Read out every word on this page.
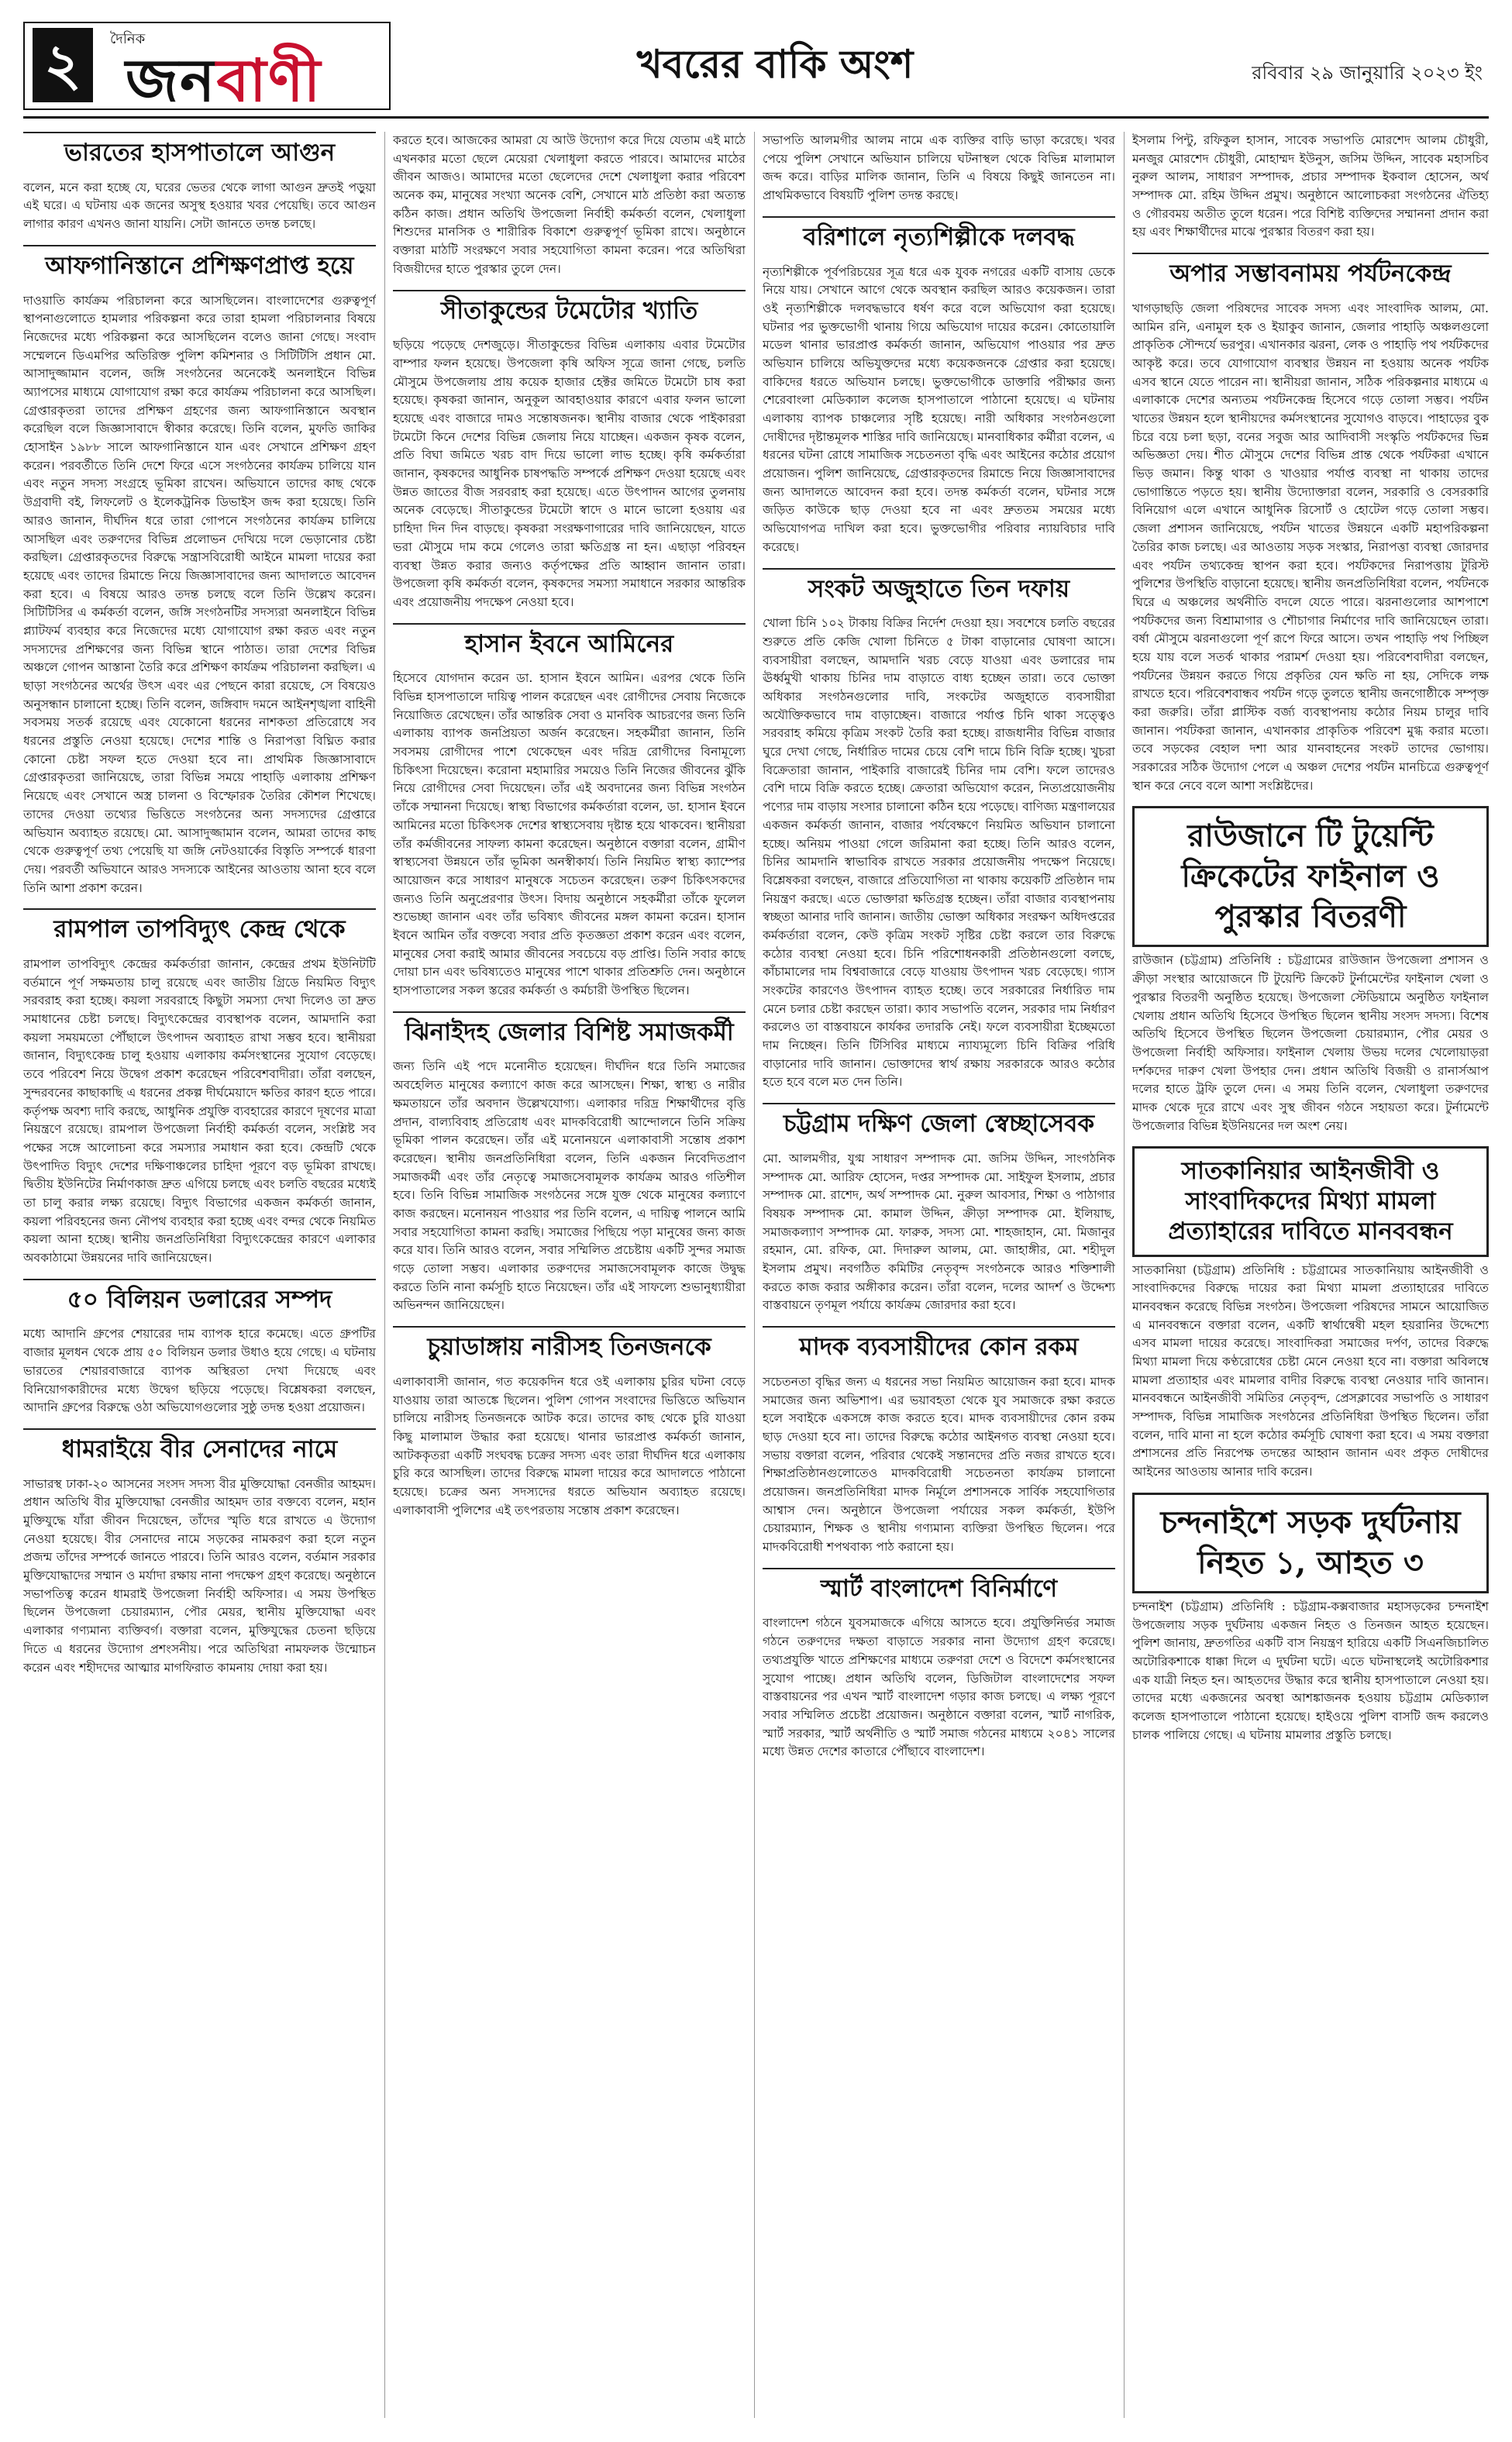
২	দৈনিক
জনবাণী	খবরের বাকি অংশ	রবিবার ২৯ জানুয়ারি ২০২৩ ইং
ভারতের হাসপাতালে আগুন

বলেন, মনে করা হচ্ছে যে, ঘরের ভেতর থেকে লাগা আগুন দ্রুতই পড়ুয়া এই ঘরে। এ ঘটনায় এক জনের অসুস্থ হওয়ার খবর পেয়েছি। তবে আগুন লাগার কারণ এখনও জানা যায়নি। সেটা জানতে তদন্ত চলছে।

আফগানিস্তানে প্রশিক্ষণপ্রাপ্ত হয়ে

দাওয়াতি কার্যক্রম পরিচালনা করে আসছিলেন। বাংলাদেশের গুরুত্বপূর্ণ স্থাপনাগুলোতে হামলার পরিকল্পনা করে তারা হামলা পরিচালনার বিষয়ে নিজেদের মধ্যে পরিকল্পনা করে আসছিলেন বলেও জানা গেছে। সংবাদ সম্মেলনে ডিএমপির অতিরিক্ত পুলিশ কমিশনার ও সিটিটিসি প্রধান মো. আসাদুজ্জামান বলেন, জঙ্গি সংগঠনের অনেকেই অনলাইনে বিভিন্ন অ্যাপসের মাধ্যমে যোগাযোগ রক্ষা করে কার্যক্রম পরিচালনা করে আসছিল। গ্রেপ্তারকৃতরা তাদের প্রশিক্ষণ গ্রহণের জন্য আফগানিস্তানে অবস্থান করেছিল বলে জিজ্ঞাসাবাদে স্বীকার করেছে। তিনি বলেন, মুফতি জাকির হোসাইন ১৯৮৮ সালে আফগানিস্তানে যান এবং সেখানে প্রশিক্ষণ গ্রহণ করেন। পরবর্তীতে তিনি দেশে ফিরে এসে সংগঠনের কার্যক্রম চালিয়ে যান এবং নতুন সদস্য সংগ্রহে ভূমিকা রাখেন। অভিযানে তাদের কাছ থেকে উগ্রবাদী বই, লিফলেট ও ইলেকট্রনিক ডিভাইস জব্দ করা হয়েছে। তিনি আরও জানান, দীর্ঘদিন ধরে তারা গোপনে সংগঠনের কার্যক্রম চালিয়ে আসছিল এবং তরুণদের বিভিন্ন প্রলোভন দেখিয়ে দলে ভেড়ানোর চেষ্টা করছিল। গ্রেপ্তারকৃতদের বিরুদ্ধে সন্ত্রাসবিরোধী আইনে মামলা দায়ের করা হয়েছে এবং তাদের রিমান্ডে নিয়ে জিজ্ঞাসাবাদের জন্য আদালতে আবেদন করা হবে। এ বিষয়ে আরও তদন্ত চলছে বলে তিনি উল্লেখ করেন। সিটিটিসির এ কর্মকর্তা বলেন, জঙ্গি সংগঠনটির সদস্যরা অনলাইনে বিভিন্ন প্ল্যাটফর্ম ব্যবহার করে নিজেদের মধ্যে যোগাযোগ রক্ষা করত এবং নতুন সদস্যদের প্রশিক্ষণের জন্য বিভিন্ন স্থানে পাঠাত। তারা দেশের বিভিন্ন অঞ্চলে গোপন আস্তানা তৈরি করে প্রশিক্ষণ কার্যক্রম পরিচালনা করছিল। এ ছাড়া সংগঠনের অর্থের উৎস এবং এর পেছনে কারা রয়েছে, সে বিষয়েও অনুসন্ধান চালানো হচ্ছে। তিনি বলেন, জঙ্গিবাদ দমনে আইনশৃঙ্খলা বাহিনী সবসময় সতর্ক রয়েছে এবং যেকোনো ধরনের নাশকতা প্রতিরোধে সব ধরনের প্রস্তুতি নেওয়া হয়েছে। দেশের শান্তি ও নিরাপত্তা বিঘ্নিত করার কোনো চেষ্টা সফল হতে দেওয়া হবে না। প্রাথমিক জিজ্ঞাসাবাদে গ্রেপ্তারকৃতরা জানিয়েছে, তারা বিভিন্ন সময়ে পাহাড়ি এলাকায় প্রশিক্ষণ নিয়েছে এবং সেখানে অস্ত্র চালনা ও বিস্ফোরক তৈরির কৌশল শিখেছে। তাদের দেওয়া তথ্যের ভিত্তিতে সংগঠনের অন্য সদস্যদের গ্রেপ্তারে অভিযান অব্যাহত রয়েছে। মো. আসাদুজ্জামান বলেন, আমরা তাদের কাছ থেকে গুরুত্বপূর্ণ তথ্য পেয়েছি যা জঙ্গি নেটওয়ার্কের বিস্তৃতি সম্পর্কে ধারণা দেয়। পরবর্তী অভিযানে আরও সদস্যকে আইনের আওতায় আনা হবে বলে তিনি আশা প্রকাশ করেন।

রামপাল তাপবিদ্যুৎ কেন্দ্র থেকে

রামপাল তাপবিদ্যুৎ কেন্দ্রের কর্মকর্তারা জানান, কেন্দ্রের প্রথম ইউনিটটি বর্তমানে পূর্ণ সক্ষমতায় চালু রয়েছে এবং জাতীয় গ্রিডে নিয়মিত বিদ্যুৎ সরবরাহ করা হচ্ছে। কয়লা সরবরাহে কিছুটা সমস্যা দেখা দিলেও তা দ্রুত সমাধানের চেষ্টা চলছে। বিদ্যুৎকেন্দ্রের ব্যবস্থাপক বলেন, আমদানি করা কয়লা সময়মতো পৌঁছালে উৎপাদন অব্যাহত রাখা সম্ভব হবে। স্থানীয়রা জানান, বিদ্যুৎকেন্দ্র চালু হওয়ায় এলাকায় কর্মসংস্থানের সুযোগ বেড়েছে। তবে পরিবেশ নিয়ে উদ্বেগ প্রকাশ করেছেন পরিবেশবাদীরা। তাঁরা বলছেন, সুন্দরবনের কাছাকাছি এ ধরনের প্রকল্প দীর্ঘমেয়াদে ক্ষতির কারণ হতে পারে। কর্তৃপক্ষ অবশ্য দাবি করছে, আধুনিক প্রযুক্তি ব্যবহারের কারণে দূষণের মাত্রা নিয়ন্ত্রণে রয়েছে। রামপাল উপজেলা নির্বাহী কর্মকর্তা বলেন, সংশ্লিষ্ট সব পক্ষের সঙ্গে আলোচনা করে সমস্যার সমাধান করা হবে। কেন্দ্রটি থেকে উৎপাদিত বিদ্যুৎ দেশের দক্ষিণাঞ্চলের চাহিদা পূরণে বড় ভূমিকা রাখছে। দ্বিতীয় ইউনিটের নির্মাণকাজ দ্রুত এগিয়ে চলছে এবং চলতি বছরের মধ্যেই তা চালু করার লক্ষ্য রয়েছে। বিদ্যুৎ বিভাগের একজন কর্মকর্তা জানান, কয়লা পরিবহনের জন্য নৌপথ ব্যবহার করা হচ্ছে এবং বন্দর থেকে নিয়মিত কয়লা আনা হচ্ছে। স্থানীয় জনপ্রতিনিধিরা বিদ্যুৎকেন্দ্রের কারণে এলাকার অবকাঠামো উন্নয়নের দাবি জানিয়েছেন।

৫০ বিলিয়ন ডলারের সম্পদ

মধ্যে আদানি গ্রুপের শেয়ারের দাম ব্যাপক হারে কমেছে। এতে গ্রুপটির বাজার মূলধন থেকে প্রায় ৫০ বিলিয়ন ডলার উধাও হয়ে গেছে। এ ঘটনায় ভারতের শেয়ারবাজারে ব্যাপক অস্থিরতা দেখা দিয়েছে এবং বিনিয়োগকারীদের মধ্যে উদ্বেগ ছড়িয়ে পড়েছে। বিশ্লেষকরা বলছেন, আদানি গ্রুপের বিরুদ্ধে ওঠা অভিযোগগুলোর সুষ্ঠু তদন্ত হওয়া প্রয়োজন।

ধামরাইয়ে বীর সেনাদের নামে

সাভারস্থ ঢাকা-২০ আসনের সংসদ সদস্য বীর মুক্তিযোদ্ধা বেনজীর আহমদ। প্রধান অতিথি বীর মুক্তিযোদ্ধা বেনজীর আহমদ তার বক্তব্যে বলেন, মহান মুক্তিযুদ্ধে যাঁরা জীবন দিয়েছেন, তাঁদের স্মৃতি ধরে রাখতে এ উদ্যোগ নেওয়া হয়েছে। বীর সেনাদের নামে সড়কের নামকরণ করা হলে নতুন প্রজন্ম তাঁদের সম্পর্কে জানতে পারবে। তিনি আরও বলেন, বর্তমান সরকার মুক্তিযোদ্ধাদের সম্মান ও মর্যাদা রক্ষায় নানা পদক্ষেপ গ্রহণ করেছে। অনুষ্ঠানে সভাপতিত্ব করেন ধামরাই উপজেলা নির্বাহী অফিসার। এ সময় উপস্থিত ছিলেন উপজেলা চেয়ারম্যান, পৌর মেয়র, স্থানীয় মুক্তিযোদ্ধা এবং এলাকার গণ্যমান্য ব্যক্তিবর্গ। বক্তারা বলেন, মুক্তিযুদ্ধের চেতনা ছড়িয়ে দিতে এ ধরনের উদ্যোগ প্রশংসনীয়। পরে অতিথিরা নামফলক উন্মোচন করেন এবং শহীদদের আত্মার মাগফিরাত কামনায় দোয়া করা হয়।

করতে হবে। আজকের আমরা যে আউ উদ্যোগ করে দিয়ে যেতাম এই মাঠে এখনকার মতো ছেলে মেয়েরা খেলাধুলা করতে পারবে। আমাদের মাঠের জীবন আজও। আমাদের মতো ছেলেদের দেশে খেলাধুলা করার পরিবেশ অনেক কম, মানুষের সংখ্যা অনেক বেশি, সেখানে মাঠ প্রতিষ্ঠা করা অত্যন্ত কঠিন কাজ। প্রধান অতিথি উপজেলা নির্বাহী কর্মকর্তা বলেন, খেলাধুলা শিশুদের মানসিক ও শারীরিক বিকাশে গুরুত্বপূর্ণ ভূমিকা রাখে। অনুষ্ঠানে বক্তারা মাঠটি সংরক্ষণে সবার সহযোগিতা কামনা করেন। পরে অতিথিরা বিজয়ীদের হাতে পুরস্কার তুলে দেন।

সীতাকুন্ডের টমেটোর খ্যাতি

ছড়িয়ে পড়েছে দেশজুড়ে। সীতাকুন্ডের বিভিন্ন এলাকায় এবার টমেটোর বাম্পার ফলন হয়েছে। উপজেলা কৃষি অফিস সূত্রে জানা গেছে, চলতি মৌসুমে উপজেলায় প্রায় কয়েক হাজার হেক্টর জমিতে টমেটো চাষ করা হয়েছে। কৃষকরা জানান, অনুকূল আবহাওয়ার কারণে এবার ফলন ভালো হয়েছে এবং বাজারে দামও সন্তোষজনক। স্থানীয় বাজার থেকে পাইকাররা টমেটো কিনে দেশের বিভিন্ন জেলায় নিয়ে যাচ্ছেন। একজন কৃষক বলেন, প্রতি বিঘা জমিতে খরচ বাদ দিয়ে ভালো লাভ হচ্ছে। কৃষি কর্মকর্তারা জানান, কৃষকদের আধুনিক চাষপদ্ধতি সম্পর্কে প্রশিক্ষণ দেওয়া হয়েছে এবং উন্নত জাতের বীজ সরবরাহ করা হয়েছে। এতে উৎপাদন আগের তুলনায় অনেক বেড়েছে। সীতাকুন্ডের টমেটো স্বাদে ও মানে ভালো হওয়ায় এর চাহিদা দিন দিন বাড়ছে। কৃষকরা সংরক্ষণাগারের দাবি জানিয়েছেন, যাতে ভরা মৌসুমে দাম কমে গেলেও তারা ক্ষতিগ্রস্ত না হন। এছাড়া পরিবহন ব্যবস্থা উন্নত করার জন্যও কর্তৃপক্ষের প্রতি আহ্বান জানান তারা। উপজেলা কৃষি কর্মকর্তা বলেন, কৃষকদের সমস্যা সমাধানে সরকার আন্তরিক এবং প্রয়োজনীয় পদক্ষেপ নেওয়া হবে।

হাসান ইবনে আমিনের

হিসেবে যোগদান করেন ডা. হাসান ইবনে আমিন। এরপর থেকে তিনি বিভিন্ন হাসপাতালে দায়িত্ব পালন করেছেন এবং রোগীদের সেবায় নিজেকে নিয়োজিত রেখেছেন। তাঁর আন্তরিক সেবা ও মানবিক আচরণের জন্য তিনি এলাকায় ব্যাপক জনপ্রিয়তা অর্জন করেছেন। সহকর্মীরা জানান, তিনি সবসময় রোগীদের পাশে থেকেছেন এবং দরিদ্র রোগীদের বিনামূল্যে চিকিৎসা দিয়েছেন। করোনা মহামারির সময়েও তিনি নিজের জীবনের ঝুঁকি নিয়ে রোগীদের সেবা দিয়েছেন। তাঁর এই অবদানের জন্য বিভিন্ন সংগঠন তাঁকে সম্মাননা দিয়েছে। স্বাস্থ্য বিভাগের কর্মকর্তারা বলেন, ডা. হাসান ইবনে আমিনের মতো চিকিৎসক দেশের স্বাস্থ্যসেবায় দৃষ্টান্ত হয়ে থাকবেন। স্থানীয়রা তাঁর কর্মজীবনের সাফল্য কামনা করেছেন। অনুষ্ঠানে বক্তারা বলেন, গ্রামীণ স্বাস্থ্যসেবা উন্নয়নে তাঁর ভূমিকা অনস্বীকার্য। তিনি নিয়মিত স্বাস্থ্য ক্যাম্পের আয়োজন করে সাধারণ মানুষকে সচেতন করেছেন। তরুণ চিকিৎসকদের জন্যও তিনি অনুপ্রেরণার উৎস। বিদায় অনুষ্ঠানে সহকর্মীরা তাঁকে ফুলেল শুভেচ্ছা জানান এবং তাঁর ভবিষ্যৎ জীবনের মঙ্গল কামনা করেন। হাসান ইবনে আমিন তাঁর বক্তব্যে সবার প্রতি কৃতজ্ঞতা প্রকাশ করেন এবং বলেন, মানুষের সেবা করাই আমার জীবনের সবচেয়ে বড় প্রাপ্তি। তিনি সবার কাছে দোয়া চান এবং ভবিষ্যতেও মানুষের পাশে থাকার প্রতিশ্রুতি দেন। অনুষ্ঠানে হাসপাতালের সকল স্তরের কর্মকর্তা ও কর্মচারী উপস্থিত ছিলেন।

ঝিনাইদহ জেলার বিশিষ্ট সমাজকর্মী

জন্য তিনি এই পদে মনোনীত হয়েছেন। দীর্ঘদিন ধরে তিনি সমাজের অবহেলিত মানুষের কল্যাণে কাজ করে আসছেন। শিক্ষা, স্বাস্থ্য ও নারীর ক্ষমতায়নে তাঁর অবদান উল্লেখযোগ্য। এলাকার দরিদ্র শিক্ষার্থীদের বৃত্তি প্রদান, বাল্যবিবাহ প্রতিরোধ এবং মাদকবিরোধী আন্দোলনে তিনি সক্রিয় ভূমিকা পালন করেছেন। তাঁর এই মনোনয়নে এলাকাবাসী সন্তোষ প্রকাশ করেছেন। স্থানীয় জনপ্রতিনিধিরা বলেন, তিনি একজন নিবেদিতপ্রাণ সমাজকর্মী এবং তাঁর নেতৃত্বে সমাজসেবামূলক কার্যক্রম আরও গতিশীল হবে। তিনি বিভিন্ন সামাজিক সংগঠনের সঙ্গে যুক্ত থেকে মানুষের কল্যাণে কাজ করছেন। মনোনয়ন পাওয়ার পর তিনি বলেন, এ দায়িত্ব পালনে আমি সবার সহযোগিতা কামনা করছি। সমাজের পিছিয়ে পড়া মানুষের জন্য কাজ করে যাব। তিনি আরও বলেন, সবার সম্মিলিত প্রচেষ্টায় একটি সুন্দর সমাজ গড়ে তোলা সম্ভব। এলাকার তরুণদের সমাজসেবামূলক কাজে উদ্বুদ্ধ করতে তিনি নানা কর্মসূচি হাতে নিয়েছেন। তাঁর এই সাফল্যে শুভানুধ্যায়ীরা অভিনন্দন জানিয়েছেন।

চুয়াডাঙ্গায় নারীসহ তিনজনকে

এলাকাবাসী জানান, গত কয়েকদিন ধরে ওই এলাকায় চুরির ঘটনা বেড়ে যাওয়ায় তারা আতঙ্কে ছিলেন। পুলিশ গোপন সংবাদের ভিত্তিতে অভিযান চালিয়ে নারীসহ তিনজনকে আটক করে। তাদের কাছ থেকে চুরি যাওয়া কিছু মালামাল উদ্ধার করা হয়েছে। থানার ভারপ্রাপ্ত কর্মকর্তা জানান, আটককৃতরা একটি সংঘবদ্ধ চক্রের সদস্য এবং তারা দীর্ঘদিন ধরে এলাকায় চুরি করে আসছিল। তাদের বিরুদ্ধে মামলা দায়ের করে আদালতে পাঠানো হয়েছে। চক্রের অন্য সদস্যদের ধরতে অভিযান অব্যাহত রয়েছে। এলাকাবাসী পুলিশের এই তৎপরতায় সন্তোষ প্রকাশ করেছেন।

সভাপতি আলমগীর আলম নামে এক ব্যক্তির বাড়ি ভাড়া করেছে। খবর পেয়ে পুলিশ সেখানে অভিযান চালিয়ে ঘটনাস্থল থেকে বিভিন্ন মালামাল জব্দ করে। বাড়ির মালিক জানান, তিনি এ বিষয়ে কিছুই জানতেন না। প্রাথমিকভাবে বিষয়টি পুলিশ তদন্ত করছে।

বরিশালে নৃত্যশিল্পীকে দলবদ্ধ

নৃত্যশিল্পীকে পূর্বপরিচয়ের সূত্র ধরে এক যুবক নগরের একটি বাসায় ডেকে নিয়ে যায়। সেখানে আগে থেকে অবস্থান করছিল আরও কয়েকজন। তারা ওই নৃত্যশিল্পীকে দলবদ্ধভাবে ধর্ষণ করে বলে অভিযোগ করা হয়েছে। ঘটনার পর ভুক্তভোগী থানায় গিয়ে অভিযোগ দায়ের করেন। কোতোয়ালি মডেল থানার ভারপ্রাপ্ত কর্মকর্তা জানান, অভিযোগ পাওয়ার পর দ্রুত অভিযান চালিয়ে অভিযুক্তদের মধ্যে কয়েকজনকে গ্রেপ্তার করা হয়েছে। বাকিদের ধরতে অভিযান চলছে। ভুক্তভোগীকে ডাক্তারি পরীক্ষার জন্য শেরেবাংলা মেডিক্যাল কলেজ হাসপাতালে পাঠানো হয়েছে। এ ঘটনায় এলাকায় ব্যাপক চাঞ্চল্যের সৃষ্টি হয়েছে। নারী অধিকার সংগঠনগুলো দোষীদের দৃষ্টান্তমূলক শাস্তির দাবি জানিয়েছে। মানবাধিকার কর্মীরা বলেন, এ ধরনের ঘটনা রোধে সামাজিক সচেতনতা বৃদ্ধি এবং আইনের কঠোর প্রয়োগ প্রয়োজন। পুলিশ জানিয়েছে, গ্রেপ্তারকৃতদের রিমান্ডে নিয়ে জিজ্ঞাসাবাদের জন্য আদালতে আবেদন করা হবে। তদন্ত কর্মকর্তা বলেন, ঘটনার সঙ্গে জড়িত কাউকে ছাড় দেওয়া হবে না এবং দ্রুততম সময়ের মধ্যে অভিযোগপত্র দাখিল করা হবে। ভুক্তভোগীর পরিবার ন্যায়বিচার দাবি করেছে।

সংকট অজুহাতে তিন দফায়

খোলা চিনি ১০২ টাকায় বিক্রির নির্দেশ দেওয়া হয়। সবশেষে চলতি বছরের শুরুতে প্রতি কেজি খোলা চিনিতে ৫ টাকা বাড়ানোর ঘোষণা আসে। ব্যবসায়ীরা বলছেন, আমদানি খরচ বেড়ে যাওয়া এবং ডলারের দাম ঊর্ধ্বমুখী থাকায় চিনির দাম বাড়াতে বাধ্য হচ্ছেন তারা। তবে ভোক্তা অধিকার সংগঠনগুলোর দাবি, সংকটের অজুহাতে ব্যবসায়ীরা অযৌক্তিকভাবে দাম বাড়াচ্ছেন। বাজারে পর্যাপ্ত চিনি থাকা সত্ত্বেও সরবরাহ কমিয়ে কৃত্রিম সংকট তৈরি করা হচ্ছে। রাজধানীর বিভিন্ন বাজার ঘুরে দেখা গেছে, নির্ধারিত দামের চেয়ে বেশি দামে চিনি বিক্রি হচ্ছে। খুচরা বিক্রেতারা জানান, পাইকারি বাজারেই চিনির দাম বেশি। ফলে তাদেরও বেশি দামে বিক্রি করতে হচ্ছে। ক্রেতারা অভিযোগ করেন, নিত্যপ্রয়োজনীয় পণ্যের দাম বাড়ায় সংসার চালানো কঠিন হয়ে পড়েছে। বাণিজ্য মন্ত্রণালয়ের একজন কর্মকর্তা জানান, বাজার পর্যবেক্ষণে নিয়মিত অভিযান চালানো হচ্ছে। অনিয়ম পাওয়া গেলে জরিমানা করা হচ্ছে। তিনি আরও বলেন, চিনির আমদানি স্বাভাবিক রাখতে সরকার প্রয়োজনীয় পদক্ষেপ নিয়েছে। বিশ্লেষকরা বলছেন, বাজারে প্রতিযোগিতা না থাকায় কয়েকটি প্রতিষ্ঠান দাম নিয়ন্ত্রণ করছে। এতে ভোক্তারা ক্ষতিগ্রস্ত হচ্ছেন। তাঁরা বাজার ব্যবস্থাপনায় স্বচ্ছতা আনার দাবি জানান। জাতীয় ভোক্তা অধিকার সংরক্ষণ অধিদপ্তরের কর্মকর্তারা বলেন, কেউ কৃত্রিম সংকট সৃষ্টির চেষ্টা করলে তার বিরুদ্ধে কঠোর ব্যবস্থা নেওয়া হবে। চিনি পরিশোধনকারী প্রতিষ্ঠানগুলো বলছে, কাঁচামালের দাম বিশ্ববাজারে বেড়ে যাওয়ায় উৎপাদন খরচ বেড়েছে। গ্যাস সংকটের কারণেও উৎপাদন ব্যাহত হচ্ছে। তবে সরকারের নির্ধারিত দাম মেনে চলার চেষ্টা করছেন তারা। ক্যাব সভাপতি বলেন, সরকার দাম নির্ধারণ করলেও তা বাস্তবায়নে কার্যকর তদারকি নেই। ফলে ব্যবসায়ীরা ইচ্ছেমতো দাম নিচ্ছেন। তিনি টিসিবির মাধ্যমে ন্যায্যমূল্যে চিনি বিক্রির পরিধি বাড়ানোর দাবি জানান। ভোক্তাদের স্বার্থ রক্ষায় সরকারকে আরও কঠোর হতে হবে বলে মত দেন তিনি।

চট্টগ্রাম দক্ষিণ জেলা স্বেচ্ছাসেবক

মো. আলমগীর, যুগ্ম সাধারণ সম্পাদক মো. জসিম উদ্দিন, সাংগঠনিক সম্পাদক মো. আরিফ হোসেন, দপ্তর সম্পাদক মো. সাইফুল ইসলাম, প্রচার সম্পাদক মো. রাশেদ, অর্থ সম্পাদক মো. নুরুল আবসার, শিক্ষা ও পাঠাগার বিষয়ক সম্পাদক মো. কামাল উদ্দিন, ক্রীড়া সম্পাদক মো. ইলিয়াছ, সমাজকল্যাণ সম্পাদক মো. ফারুক, সদস্য মো. শাহজাহান, মো. মিজানুর রহমান, মো. রফিক, মো. দিদারুল আলম, মো. জাহাঙ্গীর, মো. শহীদুল ইসলাম প্রমুখ। নবগঠিত কমিটির নেতৃবৃন্দ সংগঠনকে আরও শক্তিশালী করতে কাজ করার অঙ্গীকার করেন। তাঁরা বলেন, দলের আদর্শ ও উদ্দেশ্য বাস্তবায়নে তৃণমূল পর্যায়ে কার্যক্রম জোরদার করা হবে।

মাদক ব্যবসায়ীদের কোন রকম

সচেতনতা বৃদ্ধির জন্য এ ধরনের সভা নিয়মিত আয়োজন করা হবে। মাদক সমাজের জন্য অভিশাপ। এর ভয়াবহতা থেকে যুব সমাজকে রক্ষা করতে হলে সবাইকে একসঙ্গে কাজ করতে হবে। মাদক ব্যবসায়ীদের কোন রকম ছাড় দেওয়া হবে না। তাদের বিরুদ্ধে কঠোর আইনগত ব্যবস্থা নেওয়া হবে। সভায় বক্তারা বলেন, পরিবার থেকেই সন্তানদের প্রতি নজর রাখতে হবে। শিক্ষাপ্রতিষ্ঠানগুলোতেও মাদকবিরোধী সচেতনতা কার্যক্রম চালানো প্রয়োজন। জনপ্রতিনিধিরা মাদক নির্মূলে প্রশাসনকে সার্বিক সহযোগিতার আশ্বাস দেন। অনুষ্ঠানে উপজেলা পর্যায়ের সকল কর্মকর্তা, ইউপি চেয়ারম্যান, শিক্ষক ও স্থানীয় গণ্যমান্য ব্যক্তিরা উপস্থিত ছিলেন। পরে মাদকবিরোধী শপথবাক্য পাঠ করানো হয়।

স্মার্ট বাংলাদেশ বিনির্মাণে

বাংলাদেশ গঠনে যুবসমাজকে এগিয়ে আসতে হবে। প্রযুক্তিনির্ভর সমাজ গঠনে তরুণদের দক্ষতা বাড়াতে সরকার নানা উদ্যোগ গ্রহণ করেছে। তথ্যপ্রযুক্তি খাতে প্রশিক্ষণের মাধ্যমে তরুণরা দেশে ও বিদেশে কর্মসংস্থানের সুযোগ পাচ্ছে। প্রধান অতিথি বলেন, ডিজিটাল বাংলাদেশের সফল বাস্তবায়নের পর এখন স্মার্ট বাংলাদেশ গড়ার কাজ চলছে। এ লক্ষ্য পূরণে সবার সম্মিলিত প্রচেষ্টা প্রয়োজন। অনুষ্ঠানে বক্তারা বলেন, স্মার্ট নাগরিক, স্মার্ট সরকার, স্মার্ট অর্থনীতি ও স্মার্ট সমাজ গঠনের মাধ্যমে ২০৪১ সালের মধ্যে উন্নত দেশের কাতারে পৌঁছাবে বাংলাদেশ।

ইসলাম পিন্টু, রফিকুল হাসান, সাবেক সভাপতি মোরশেদ আলম চৌধুরী, মনজুর মোরশেদ চৌধুরী, মোহাম্মদ ইউনুস, জসিম উদ্দিন, সাবেক মহাসচিব নুরুল আলম, সাধারণ সম্পাদক, প্রচার সম্পাদক ইকবাল হোসেন, অর্থ সম্পাদক মো. রহিম উদ্দিন প্রমুখ। অনুষ্ঠানে আলোচকরা সংগঠনের ঐতিহ্য ও গৌরবময় অতীত তুলে ধরেন। পরে বিশিষ্ট ব্যক্তিদের সম্মাননা প্রদান করা হয় এবং শিক্ষার্থীদের মাঝে পুরস্কার বিতরণ করা হয়।

অপার সম্ভাবনাময় পর্যটনকেন্দ্র

খাগড়াছড়ি জেলা পরিষদের সাবেক সদস্য এবং সাংবাদিক আলম, মো. আমিন রনি, এনামুল হক ও ইয়াকুব জানান, জেলার পাহাড়ি অঞ্চলগুলো প্রাকৃতিক সৌন্দর্যে ভরপুর। এখানকার ঝরনা, লেক ও পাহাড়ি পথ পর্যটকদের আকৃষ্ট করে। তবে যোগাযোগ ব্যবস্থার উন্নয়ন না হওয়ায় অনেক পর্যটক এসব স্থানে যেতে পারেন না। স্থানীয়রা জানান, সঠিক পরিকল্পনার মাধ্যমে এ এলাকাকে দেশের অন্যতম পর্যটনকেন্দ্র হিসেবে গড়ে তোলা সম্ভব। পর্যটন খাতের উন্নয়ন হলে স্থানীয়দের কর্মসংস্থানের সুযোগও বাড়বে। পাহাড়ের বুক চিরে বয়ে চলা ছড়া, বনের সবুজ আর আদিবাসী সংস্কৃতি পর্যটকদের ভিন্ন অভিজ্ঞতা দেয়। শীত মৌসুমে দেশের বিভিন্ন প্রান্ত থেকে পর্যটকরা এখানে ভিড় জমান। কিন্তু থাকা ও খাওয়ার পর্যাপ্ত ব্যবস্থা না থাকায় তাদের ভোগান্তিতে পড়তে হয়। স্থানীয় উদ্যোক্তারা বলেন, সরকারি ও বেসরকারি বিনিয়োগ এলে এখানে আধুনিক রিসোর্ট ও হোটেল গড়ে তোলা সম্ভব। জেলা প্রশাসন জানিয়েছে, পর্যটন খাতের উন্নয়নে একটি মহাপরিকল্পনা তৈরির কাজ চলছে। এর আওতায় সড়ক সংস্কার, নিরাপত্তা ব্যবস্থা জোরদার এবং পর্যটন তথ্যকেন্দ্র স্থাপন করা হবে। পর্যটকদের নিরাপত্তায় টুরিস্ট পুলিশের উপস্থিতি বাড়ানো হয়েছে। স্থানীয় জনপ্রতিনিধিরা বলেন, পর্যটনকে ঘিরে এ অঞ্চলের অর্থনীতি বদলে যেতে পারে। ঝরনাগুলোর আশপাশে পর্যটকদের জন্য বিশ্রামাগার ও শৌচাগার নির্মাণের দাবি জানিয়েছেন তারা। বর্ষা মৌসুমে ঝরনাগুলো পূর্ণ রূপে ফিরে আসে। তখন পাহাড়ি পথ পিচ্ছিল হয়ে যায় বলে সতর্ক থাকার পরামর্শ দেওয়া হয়। পরিবেশবাদীরা বলছেন, পর্যটনের উন্নয়ন করতে গিয়ে প্রকৃতির যেন ক্ষতি না হয়, সেদিকে লক্ষ রাখতে হবে। পরিবেশবান্ধব পর্যটন গড়ে তুলতে স্থানীয় জনগোষ্ঠীকে সম্পৃক্ত করা জরুরি। তাঁরা প্লাস্টিক বর্জ্য ব্যবস্থাপনায় কঠোর নিয়ম চালুর দাবি জানান। পর্যটকরা জানান, এখানকার প্রাকৃতিক পরিবেশ মুগ্ধ করার মতো। তবে সড়কের বেহাল দশা আর যানবাহনের সংকট তাদের ভোগায়। সরকারের সঠিক উদ্যোগ পেলে এ অঞ্চল দেশের পর্যটন মানচিত্রে গুরুত্বপূর্ণ স্থান করে নেবে বলে আশা সংশ্লিষ্টদের।

রাউজানে টি টুয়েন্টি ক্রিকেটের ফাইনাল ও পুরস্কার বিতরণী

রাউজান (চট্টগ্রাম) প্রতিনিধি : চট্টগ্রামের রাউজান উপজেলা প্রশাসন ও ক্রীড়া সংস্থার আয়োজনে টি টুয়েন্টি ক্রিকেট টুর্নামেন্টের ফাইনাল খেলা ও পুরস্কার বিতরণী অনুষ্ঠিত হয়েছে। উপজেলা স্টেডিয়ামে অনুষ্ঠিত ফাইনাল খেলায় প্রধান অতিথি হিসেবে উপস্থিত ছিলেন স্থানীয় সংসদ সদস্য। বিশেষ অতিথি হিসেবে উপস্থিত ছিলেন উপজেলা চেয়ারম্যান, পৌর মেয়র ও উপজেলা নির্বাহী অফিসার। ফাইনাল খেলায় উভয় দলের খেলোয়াড়রা দর্শকদের দারুণ খেলা উপহার দেন। প্রধান অতিথি বিজয়ী ও রানার্সআপ দলের হাতে ট্রফি তুলে দেন। এ সময় তিনি বলেন, খেলাধুলা তরুণদের মাদক থেকে দূরে রাখে এবং সুস্থ জীবন গঠনে সহায়তা করে। টুর্নামেন্টে উপজেলার বিভিন্ন ইউনিয়নের দল অংশ নেয়।

সাতকানিয়ার আইনজীবী ও সাংবাদিকদের মিথ্যা মামলা প্রত্যাহারের দাবিতে মানববন্ধন

সাতকানিয়া (চট্টগ্রাম) প্রতিনিধি : চট্টগ্রামের সাতকানিয়ায় আইনজীবী ও সাংবাদিকদের বিরুদ্ধে দায়ের করা মিথ্যা মামলা প্রত্যাহারের দাবিতে মানববন্ধন করেছে বিভিন্ন সংগঠন। উপজেলা পরিষদের সামনে আয়োজিত এ মানববন্ধনে বক্তারা বলেন, একটি স্বার্থান্বেষী মহল হয়রানির উদ্দেশ্যে এসব মামলা দায়ের করেছে। সাংবাদিকরা সমাজের দর্পণ, তাদের বিরুদ্ধে মিথ্যা মামলা দিয়ে কণ্ঠরোধের চেষ্টা মেনে নেওয়া হবে না। বক্তারা অবিলম্বে মামলা প্রত্যাহার এবং মামলার বাদীর বিরুদ্ধে ব্যবস্থা নেওয়ার দাবি জানান। মানববন্ধনে আইনজীবী সমিতির নেতৃবৃন্দ, প্রেসক্লাবের সভাপতি ও সাধারণ সম্পাদক, বিভিন্ন সামাজিক সংগঠনের প্রতিনিধিরা উপস্থিত ছিলেন। তাঁরা বলেন, দাবি মানা না হলে কঠোর কর্মসূচি ঘোষণা করা হবে। এ সময় বক্তারা প্রশাসনের প্রতি নিরপেক্ষ তদন্তের আহ্বান জানান এবং প্রকৃত দোষীদের আইনের আওতায় আনার দাবি করেন।

চন্দনাইশে সড়ক দুর্ঘটনায় নিহত ১, আহত ৩

চন্দনাইশ (চট্টগ্রাম) প্রতিনিধি : চট্টগ্রাম-কক্সবাজার মহাসড়কের চন্দনাইশ উপজেলায় সড়ক দুর্ঘটনায় একজন নিহত ও তিনজন আহত হয়েছেন। পুলিশ জানায়, দ্রুতগতির একটি বাস নিয়ন্ত্রণ হারিয়ে একটি সিএনজিচালিত অটোরিকশাকে ধাক্কা দিলে এ দুর্ঘটনা ঘটে। এতে ঘটনাস্থলেই অটোরিকশার এক যাত্রী নিহত হন। আহতদের উদ্ধার করে স্থানীয় হাসপাতালে নেওয়া হয়। তাদের মধ্যে একজনের অবস্থা আশঙ্কাজনক হওয়ায় চট্টগ্রাম মেডিক্যাল কলেজ হাসপাতালে পাঠানো হয়েছে। হাইওয়ে পুলিশ বাসটি জব্দ করলেও চালক পালিয়ে গেছে। এ ঘটনায় মামলার প্রস্তুতি চলছে।
